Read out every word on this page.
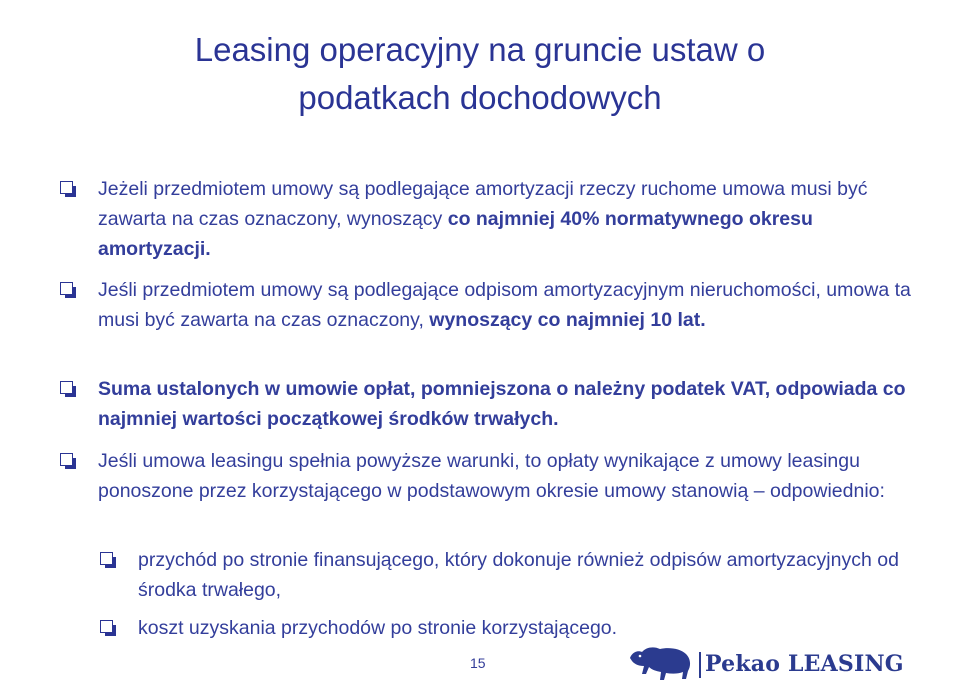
Leasing operacyjny na gruncie ustaw o
podatkach dochodowych
Jeżeli przedmiotem umowy są podlegające amortyzacji rzeczy ruchome umowa musi być zawarta na czas oznaczony, wynoszący co najmniej 40% normatywnego okresu amortyzacji.
Jeśli przedmiotem umowy są podlegające odpisom amortyzacyjnym nieruchomości, umowa ta musi być zawarta na czas oznaczony, wynoszący co najmniej 10 lat.
Suma ustalonych w umowie opłat, pomniejszona o należny podatek VAT, odpowiada co najmniej wartości początkowej środków trwałych.
Jeśli umowa leasingu spełnia powyższe warunki, to opłaty wynikające z umowy leasingu ponoszone przez korzystającego w podstawowym okresie umowy stanowią – odpowiednio:
przychód po stronie finansującego, który dokonuje również odpisów amortyzacyjnych od środka trwałego,
koszt uzyskania przychodów po stronie korzystającego.
15	Pekao LEASING
